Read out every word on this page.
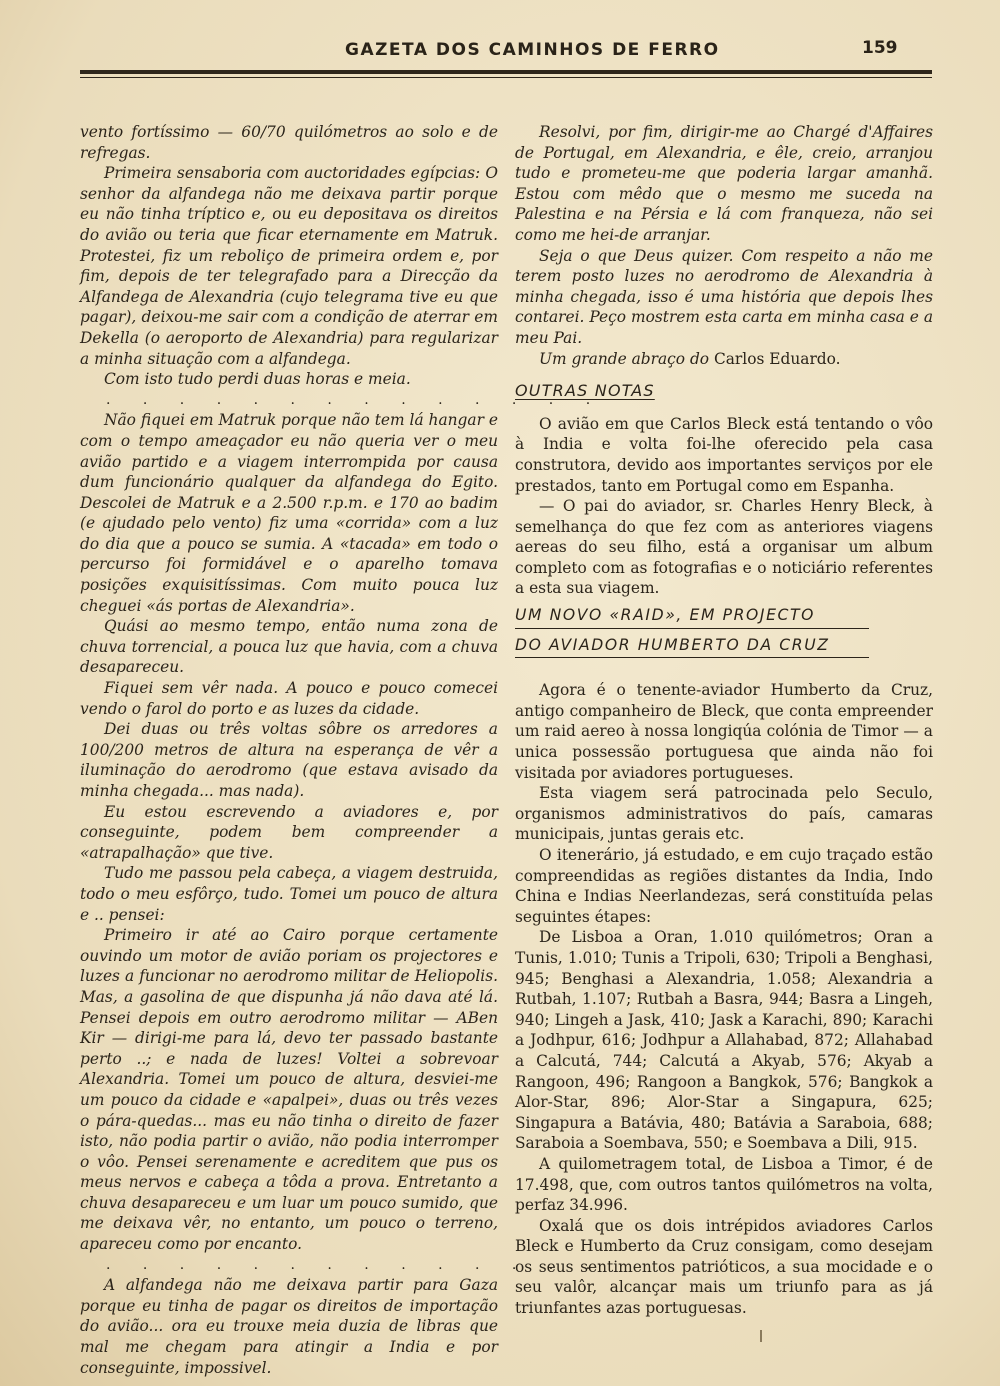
GAZETA DOS CAMINHOS DE FERRO	159

vento fortíssimo — 60/70 quilómetros ao solo e de refregas.

Primeira sensaboria com auctoridades egípcias: O senhor da alfandega não me deixava partir porque eu não tinha tríptico e, ou eu depositava os direitos do avião ou teria que ficar eternamente em Matruk. Protestei, fiz um reboliço de primeira ordem e, por fim, depois de ter telegrafado para a Direcção da Alfandega de Alexandria (cujo telegrama tive eu que pagar), deixou-me sair com a condição de aterrar em Dekella (o aeroporto de Alexandria) para regularizar a minha situação com a alfandega.

Com isto tudo perdi duas horas e meia.

. . . . . . . . . . . . . .

Não fiquei em Matruk porque não tem lá hangar e com o tempo ameaçador eu não queria ver o meu avião partido e a viagem interrompida por causa dum funcionário qualquer da alfandega do Egito. Descolei de Matruk e a 2.500 r.p.m. e 170 ao badim (e ajudado pelo vento) fiz uma «corrida» com a luz do dia que a pouco se sumia. A «tacada» em todo o percurso foi formidável e o aparelho tomava posições exquisitíssimas. Com muito pouca luz cheguei «ás portas de Alexandria».

Quási ao mesmo tempo, então numa zona de chuva torrencial, a pouca luz que havia, com a chuva desapareceu.

Fiquei sem vêr nada. A pouco e pouco comecei vendo o farol do porto e as luzes da cidade.

Dei duas ou três voltas sôbre os arredores a 100/200 metros de altura na esperança de vêr a iluminação do aerodromo (que estava avisado da minha chegada... mas nada).

Eu estou escrevendo a aviadores e, por conseguinte, podem bem compreender a «atrapalhação» que tive.

Tudo me passou pela cabeça, a viagem destruida, todo o meu esfôrço, tudo. Tomei um pouco de altura e .. pensei:

Primeiro ir até ao Cairo porque certamente ouvindo um motor de avião poriam os projectores e luzes a funcionar no aerodromo militar de Heliopolis. Mas, a gasolina de que dispunha já não dava até lá. Pensei depois em outro aerodromo militar — ABen Kir — dirigi-me para lá, devo ter passado bastante perto ..; e nada de luzes! Voltei a sobrevoar Alexandria. Tomei um pouco de altura, desviei-me um pouco da cidade e «apalpei», duas ou três vezes o pára-quedas... mas eu não tinha o direito de fazer isto, não podia partir o avião, não podia interromper o vôo. Pensei serenamente e acreditem que pus os meus nervos e cabeça a tôda a prova. Entretanto a chuva desapareceu e um luar um pouco sumido, que me deixava vêr, no entanto, um pouco o terreno, apareceu como por encanto.

. . . . . . . . . . . . . .

A alfandega não me deixava partir para Gaza porque eu tinha de pagar os direitos de importação do avião... ora eu trouxe meia duzia de libras que mal me chegam para atingir a India e por conseguinte, impossivel.

Resolvi, por fim, dirigir-me ao Chargé d'Affaires de Portugal, em Alexandria, e êle, creio, arranjou tudo e prometeu-me que poderia largar amanhã. Estou com mêdo que o mesmo me suceda na Palestina e na Pérsia e lá com franqueza, não sei como me hei-de arranjar.

Seja o que Deus quizer. Com respeito a não me terem posto luzes no aerodromo de Alexandria à minha chegada, isso é uma história que depois lhes contarei. Peço mostrem esta carta em minha casa e a meu Pai.

Um grande abraço do Carlos Eduardo.

OUTRAS NOTAS

O avião em que Carlos Bleck está tentando o vôo à India e volta foi-lhe oferecido pela casa construtora, devido aos importantes serviços por ele prestados, tanto em Portugal como em Espanha.

— O pai do aviador, sr. Charles Henry Bleck, à semelhança do que fez com as anteriores viagens aereas do seu filho, está a organisar um album completo com as fotografias e o noticiário referentes a esta sua viagem.

UM NOVO «RAID», EM PROJECTO
DO AVIADOR HUMBERTO DA CRUZ

Agora é o tenente-aviador Humberto da Cruz, antigo companheiro de Bleck, que conta empreender um raid aereo à nossa longiqúa colónia de Timor — a unica possessão portuguesa que ainda não foi visitada por aviadores portugueses.

Esta viagem será patrocinada pelo Seculo, organismos administrativos do país, camaras municipais, juntas gerais etc.

O itenerário, já estudado, e em cujo traçado estão compreendidas as regiões distantes da India, Indo China e Indias Neerlandezas, será constituída pelas seguintes étapes:

De Lisboa a Oran, 1.010 quilómetros; Oran a Tunis, 1.010; Tunis a Tripoli, 630; Tripoli a Benghasi, 945; Benghasi a Alexandria, 1.058; Alexandria a Rutbah, 1.107; Rutbah a Basra, 944; Basra a Lingeh, 940; Lingeh a Jask, 410; Jask a Karachi, 890; Karachi a Jodhpur, 616; Jodhpur a Allahabad, 872; Allahabad a Calcutá, 744; Calcutá a Akyab, 576; Akyab a Rangoon, 496; Rangoon a Bangkok, 576; Bangkok a Alor-Star, 896; Alor-Star a Singapura, 625; Singapura a Batávia, 480; Batávia a Saraboia, 688; Saraboia a Soembava, 550; e Soembava a Dili, 915.

A quilometragem total, de Lisboa a Timor, é de 17.498, que, com outros tantos quilómetros na volta, perfaz 34.996.

Oxalá que os dois intrépidos aviadores Carlos Bleck e Humberto da Cruz consigam, como desejam os seus sentimentos patrióticos, a sua mocidade e o seu valôr, alcançar mais um triunfo para as já triunfantes azas portuguesas.
